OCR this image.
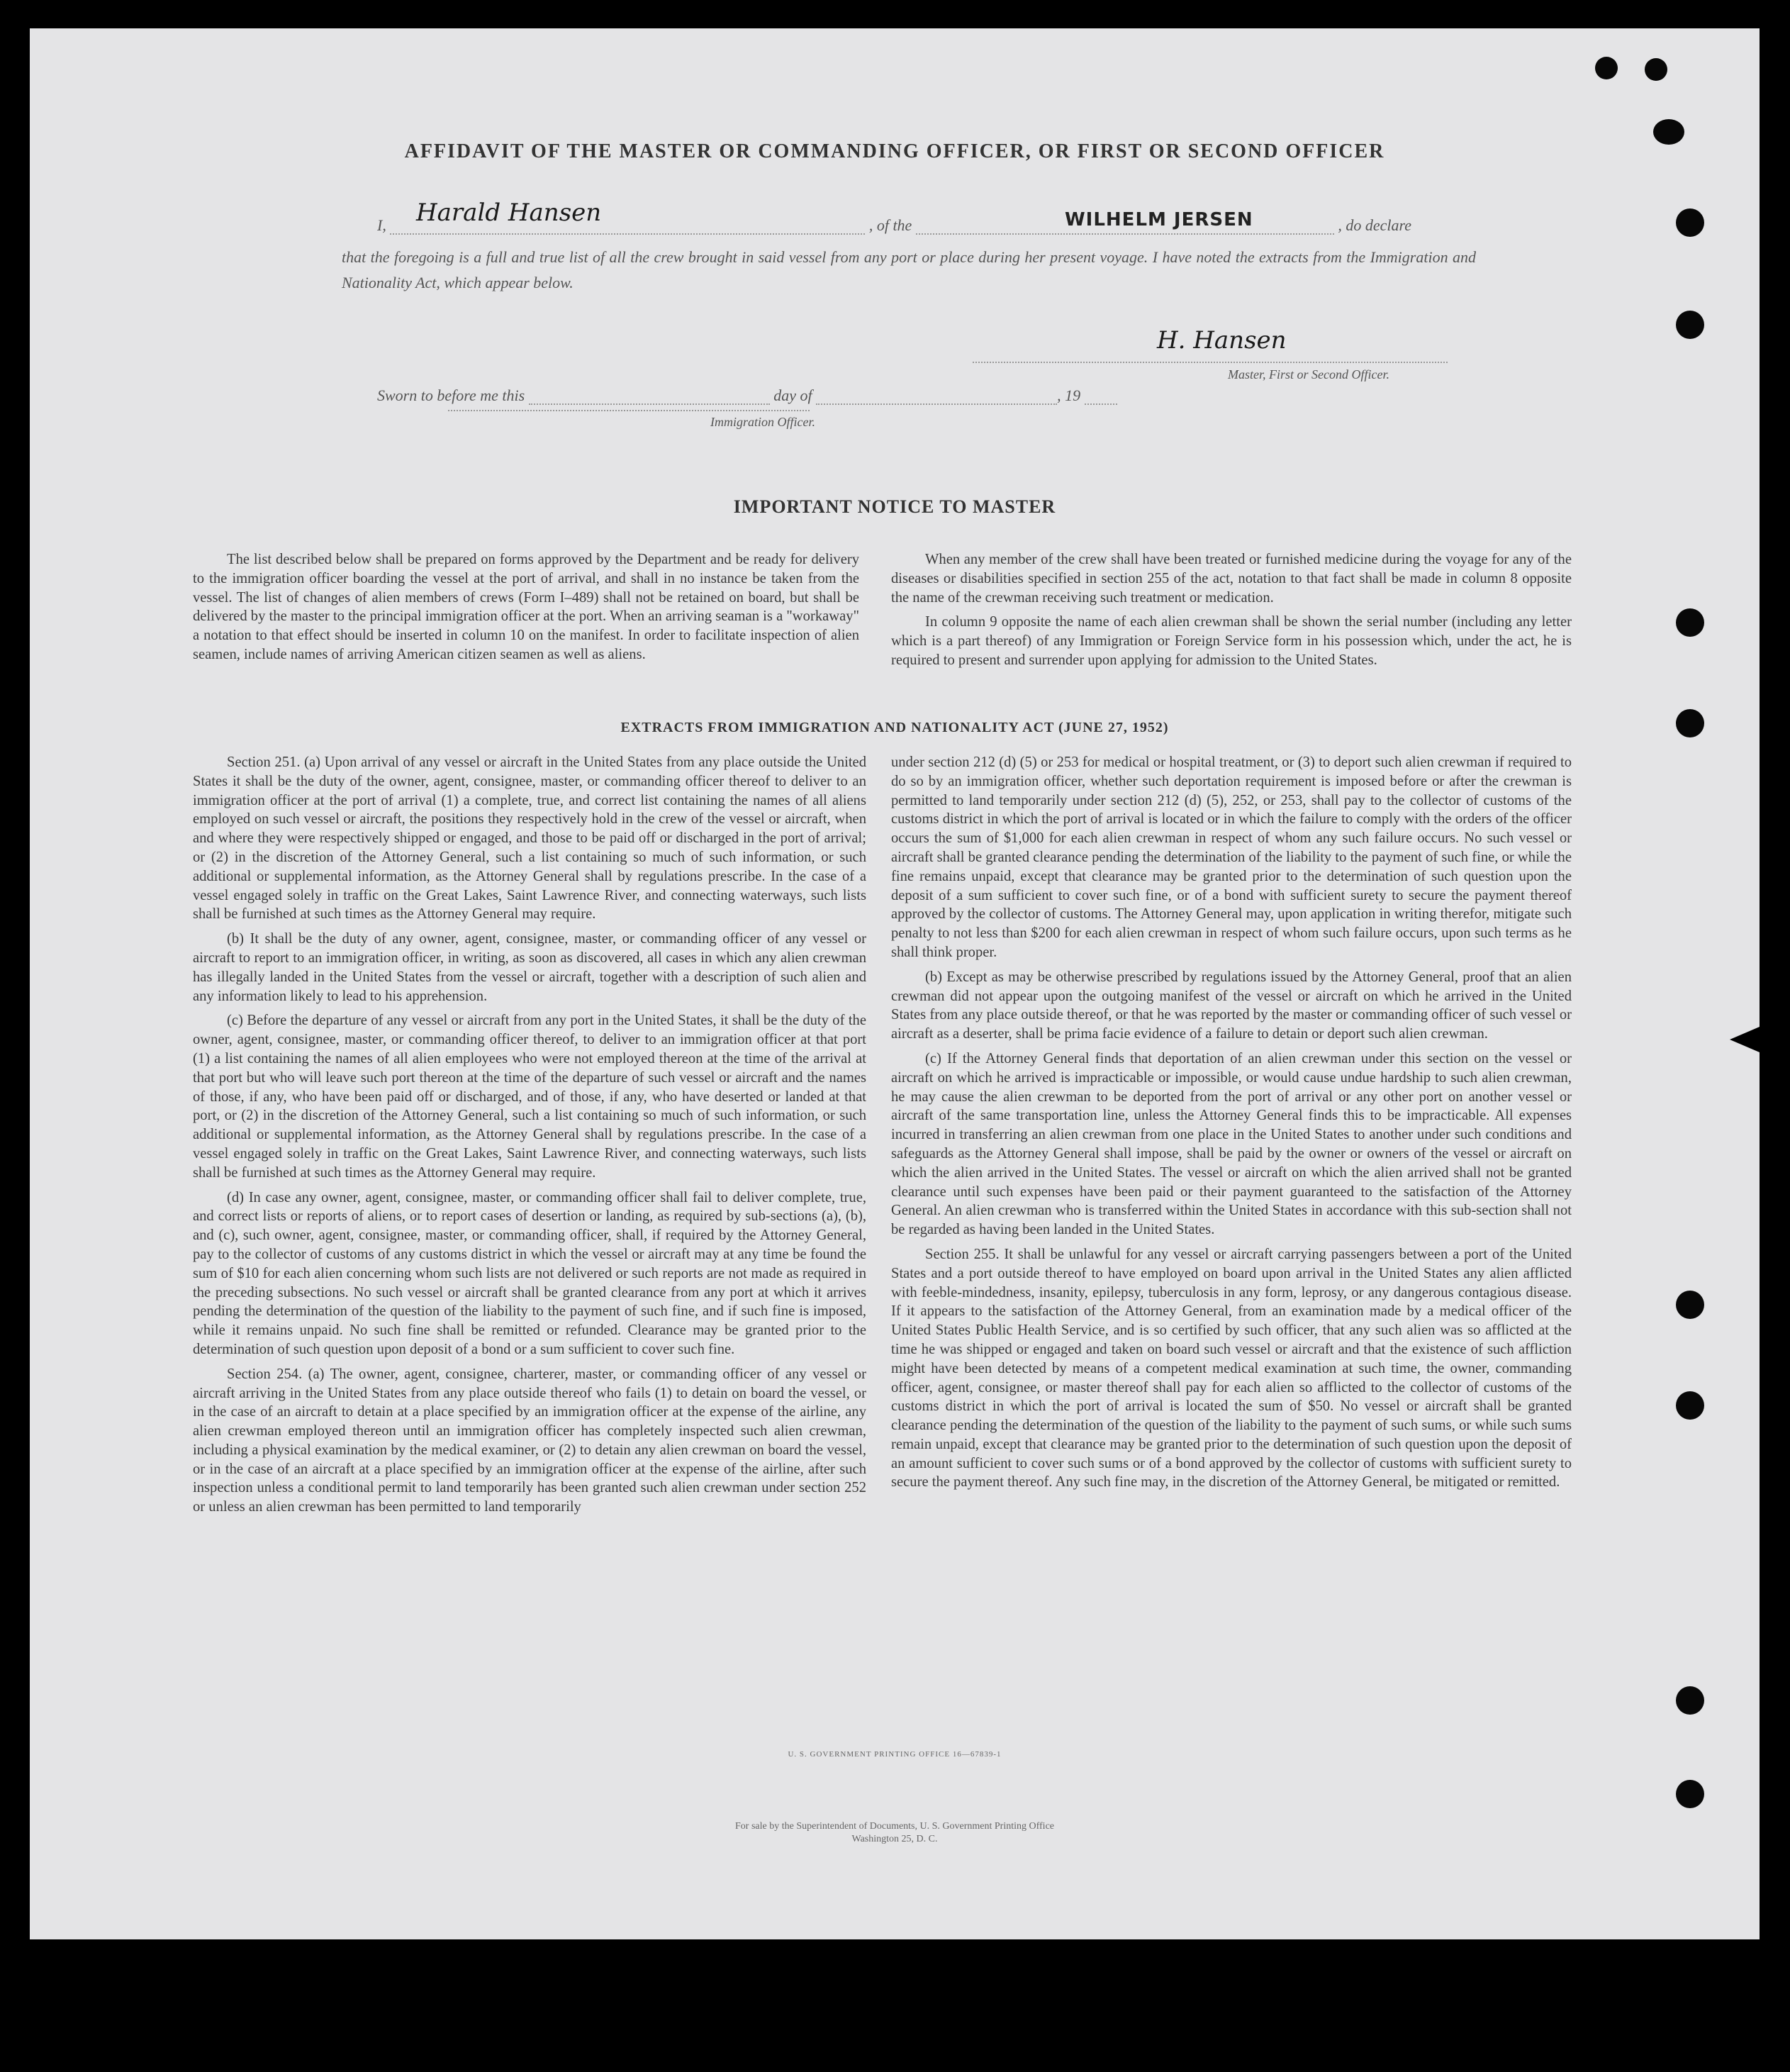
AFFIDAVIT OF THE MASTER OR COMMANDING OFFICER, OR FIRST OR SECOND OFFICER
I,	, of the	, do declare
Harald Hansen	WILHELM JERSEN
that the foregoing is a full and true list of all the crew brought in said vessel from any port or place during her present voyage. I have noted the extracts from the Immigration and Nationality Act, which appear below.
H. Hansen
Master, First or Second Officer.
Sworn to before me this	day of	, 19
Immigration Officer.
IMPORTANT NOTICE TO MASTER

The list described below shall be prepared on forms approved by the Department and be ready for delivery to the immigration officer boarding the vessel at the port of arrival, and shall in no instance be taken from the vessel. The list of changes of alien members of crews (Form I–489) shall not be retained on board, but shall be delivered by the master to the principal immigration officer at the port. When an arriving seaman is a "workaway" a notation to that effect should be inserted in column 10 on the manifest. In order to facilitate inspection of alien seamen, include names of arriving American citizen seamen as well as aliens.

When any member of the crew shall have been treated or furnished medicine during the voyage for any of the diseases or disabilities specified in section 255 of the act, notation to that fact shall be made in column 8 opposite the name of the crewman receiving such treatment or medication.

In column 9 opposite the name of each alien crewman shall be shown the serial number (including any letter which is a part thereof) of any Immigration or Foreign Service form in his possession which, under the act, he is required to present and surrender upon applying for admission to the United States.

EXTRACTS FROM IMMIGRATION AND NATIONALITY ACT (JUNE 27, 1952)

Section 251. (a) Upon arrival of any vessel or aircraft in the United States from any place outside the United States it shall be the duty of the owner, agent, consignee, master, or commanding officer thereof to deliver to an immigration officer at the port of arrival (1) a complete, true, and correct list containing the names of all aliens employed on such vessel or aircraft, the positions they respectively hold in the crew of the vessel or aircraft, when and where they were respectively shipped or engaged, and those to be paid off or discharged in the port of arrival; or (2) in the discretion of the Attorney General, such a list containing so much of such information, or such additional or supplemental information, as the Attorney General shall by regulations prescribe. In the case of a vessel engaged solely in traffic on the Great Lakes, Saint Lawrence River, and connecting waterways, such lists shall be furnished at such times as the Attorney General may require.

(b) It shall be the duty of any owner, agent, consignee, master, or commanding officer of any vessel or aircraft to report to an immigration officer, in writing, as soon as discovered, all cases in which any alien crewman has illegally landed in the United States from the vessel or aircraft, together with a description of such alien and any information likely to lead to his apprehension.

(c) Before the departure of any vessel or aircraft from any port in the United States, it shall be the duty of the owner, agent, consignee, master, or commanding officer thereof, to deliver to an immigration officer at that port (1) a list containing the names of all alien employees who were not employed thereon at the time of the arrival at that port but who will leave such port thereon at the time of the departure of such vessel or aircraft and the names of those, if any, who have been paid off or discharged, and of those, if any, who have deserted or landed at that port, or (2) in the discretion of the Attorney General, such a list containing so much of such information, or such additional or supplemental information, as the Attorney General shall by regulations prescribe. In the case of a vessel engaged solely in traffic on the Great Lakes, Saint Lawrence River, and connecting waterways, such lists shall be furnished at such times as the Attorney General may require.

(d) In case any owner, agent, consignee, master, or commanding officer shall fail to deliver complete, true, and correct lists or reports of aliens, or to report cases of desertion or landing, as required by sub-sections (a), (b), and (c), such owner, agent, consignee, master, or commanding officer, shall, if required by the Attorney General, pay to the collector of customs of any customs district in which the vessel or aircraft may at any time be found the sum of $10 for each alien concerning whom such lists are not delivered or such reports are not made as required in the preceding subsections. No such vessel or aircraft shall be granted clearance from any port at which it arrives pending the determination of the question of the liability to the payment of such fine, and if such fine is imposed, while it remains unpaid. No such fine shall be remitted or refunded. Clearance may be granted prior to the determination of such question upon deposit of a bond or a sum sufficient to cover such fine.

Section 254. (a) The owner, agent, consignee, charterer, master, or commanding officer of any vessel or aircraft arriving in the United States from any place outside thereof who fails (1) to detain on board the vessel, or in the case of an aircraft to detain at a place specified by an immigration officer at the expense of the airline, any alien crewman employed thereon until an immigration officer has completely inspected such alien crewman, including a physical examination by the medical examiner, or (2) to detain any alien crewman on board the vessel, or in the case of an aircraft at a place specified by an immigration officer at the expense of the airline, after such inspection unless a conditional permit to land temporarily has been granted such alien crewman under section 252 or unless an alien crewman has been permitted to land temporarily

under section 212 (d) (5) or 253 for medical or hospital treatment, or (3) to deport such alien crewman if required to do so by an immigration officer, whether such deportation requirement is imposed before or after the crewman is permitted to land temporarily under section 212 (d) (5), 252, or 253, shall pay to the collector of customs of the customs district in which the port of arrival is located or in which the failure to comply with the orders of the officer occurs the sum of $1,000 for each alien crewman in respect of whom any such failure occurs. No such vessel or aircraft shall be granted clearance pending the determination of the liability to the payment of such fine, or while the fine remains unpaid, except that clearance may be granted prior to the determination of such question upon the deposit of a sum sufficient to cover such fine, or of a bond with sufficient surety to secure the payment thereof approved by the collector of customs. The Attorney General may, upon application in writing therefor, mitigate such penalty to not less than $200 for each alien crewman in respect of whom such failure occurs, upon such terms as he shall think proper.

(b) Except as may be otherwise prescribed by regulations issued by the Attorney General, proof that an alien crewman did not appear upon the outgoing manifest of the vessel or aircraft on which he arrived in the United States from any place outside thereof, or that he was reported by the master or commanding officer of such vessel or aircraft as a deserter, shall be prima facie evidence of a failure to detain or deport such alien crewman.

(c) If the Attorney General finds that deportation of an alien crewman under this section on the vessel or aircraft on which he arrived is impracticable or impossible, or would cause undue hardship to such alien crewman, he may cause the alien crewman to be deported from the port of arrival or any other port on another vessel or aircraft of the same transportation line, unless the Attorney General finds this to be impracticable. All expenses incurred in transferring an alien crewman from one place in the United States to another under such conditions and safeguards as the Attorney General shall impose, shall be paid by the owner or owners of the vessel or aircraft on which the alien arrived in the United States. The vessel or aircraft on which the alien arrived shall not be granted clearance until such expenses have been paid or their payment guaranteed to the satisfaction of the Attorney General. An alien crewman who is transferred within the United States in accordance with this sub-section shall not be regarded as having been landed in the United States.

Section 255. It shall be unlawful for any vessel or aircraft carrying passengers between a port of the United States and a port outside thereof to have employed on board upon arrival in the United States any alien afflicted with feeble-mindedness, insanity, epilepsy, tuberculosis in any form, leprosy, or any dangerous contagious disease. If it appears to the satisfaction of the Attorney General, from an examination made by a medical officer of the United States Public Health Service, and is so certified by such officer, that any such alien was so afflicted at the time he was shipped or engaged and taken on board such vessel or aircraft and that the existence of such affliction might have been detected by means of a competent medical examination at such time, the owner, commanding officer, agent, consignee, or master thereof shall pay for each alien so afflicted to the collector of customs of the customs district in which the port of arrival is located the sum of $50. No vessel or aircraft shall be granted clearance pending the determination of the question of the liability to the payment of such sums, or while such sums remain unpaid, except that clearance may be granted prior to the determination of such question upon the deposit of an amount sufficient to cover such sums or of a bond approved by the collector of customs with sufficient surety to secure the payment thereof. Any such fine may, in the discretion of the Attorney General, be mitigated or remitted.

U. S. GOVERNMENT PRINTING OFFICE 16—67839-1
For sale by the Superintendent of Documents, U. S. Government Printing Office
Washington 25, D. C.
